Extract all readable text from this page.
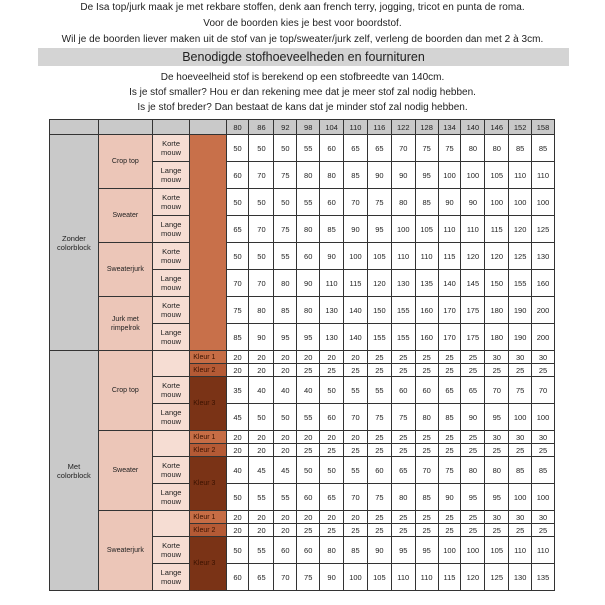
De Isa top/jurk maak je met rekbare stoffen, denk aan french terry, jogging, tricot en punta de roma.
Voor de boorden kies je best voor boordstof.
Wil je de boorden liever maken uit de stof van je top/sweater/jurk zelf, verleng de boorden dan met 2 à 3cm.
Benodigde stofhoeveelheden en fournituren
De hoeveelheid stof is berekend op een stofbreedte van 140cm.
Is je stof smaller? Hou er dan rekening mee dat je meer stof zal nodig hebben.
Is je stof breder? Dan bestaat de kans dat je minder stof zal nodig hebben.
				80	86	92	98	104	110	116	122	128	134	140	146	152	158
Zonder colorblock	Crop top	Korte mouw		50	50	50	55	60	65	65	70	75	75	80	80	85	85
		Lange mouw		60	70	75	80	80	85	90	90	95	100	100	105	110	110
	Sweater	Korte mouw		50	50	50	55	60	70	75	80	85	90	90	100	100	100
		Lange mouw		65	70	75	80	85	90	95	100	105	110	110	115	120	125
	Sweaterjurk	Korte mouw		50	50	55	60	90	100	105	110	110	115	120	120	125	130
		Lange mouw		70	70	80	90	110	115	120	130	135	140	145	150	155	160
	Jurk met rimpelrok	Korte mouw		75	80	85	80	130	140	150	155	160	170	175	180	190	200
		Lange mouw		85	90	95	95	130	140	155	155	160	170	175	180	190	200
Met colorblock	Crop top		Kleur 1	20	20	20	20	20	20	25	25	25	25	25	30	30	30
			Kleur 2	20	20	20	25	25	25	25	25	25	25	25	25	25	25
		Korte mouw	Kleur 3	35	40	40	40	50	55	55	60	60	65	65	70	75	70
		Lange mouw		45	50	50	55	60	70	75	75	80	85	90	95	100	100
	Sweater		Kleur 1	20	20	20	20	20	20	25	25	25	25	25	30	30	30
			Kleur 2	20	20	20	25	25	25	25	25	25	25	25	25	25	25
		Korte mouw	Kleur 3	40	45	45	50	50	55	60	65	70	75	80	80	85	85
		Lange mouw		50	55	55	60	65	70	75	80	85	90	95	95	100	100
	Sweaterjurk		Kleur 1	20	20	20	20	20	20	25	25	25	25	25	30	30	30
			Kleur 2	20	20	20	25	25	25	25	25	25	25	25	25	25	25
		Korte mouw	Kleur 3	50	55	60	60	80	85	90	95	95	100	100	105	110	110
		Lange mouw		60	65	70	75	90	100	105	110	110	115	120	125	130	135
